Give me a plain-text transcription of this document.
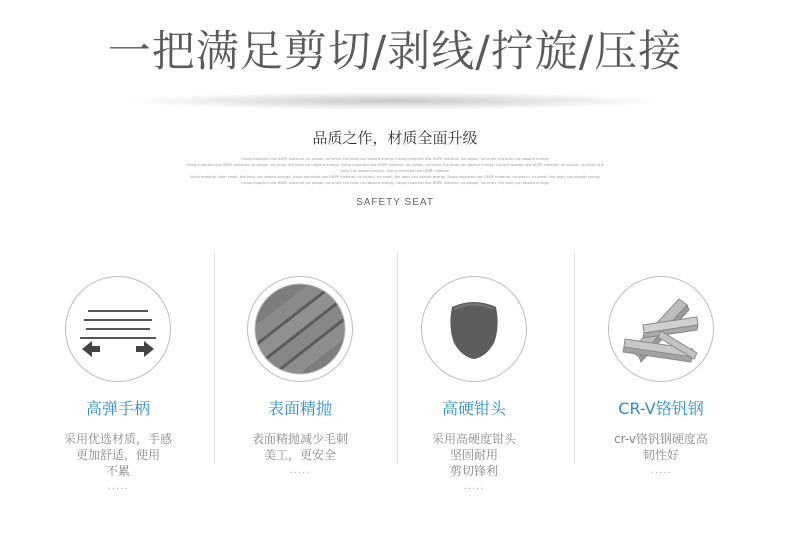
一把满足剪切/剥线/拧旋/压接
品质之作，材质全面升级
Using imported raw HDPE material, no poison, no smell, the body can absorb energy, Using imported raw HDPE material, no poison, no smell, the body can absorb energy
Using imported raw HDPE material, no poison, no smell, the body can absorb energy, Using imported raw HDPE material, no poison, no smell, the body can absorb energy, Using imported raw HDPE material, no poison, no smell, the body can absorb energy, Using imported raw HDPE material
Using material, form smell, the body can absorb energy, Using imported raw HDPE material, no poison, no smell, the body can absorb energy, Using imported raw HDPE material, no poison, no smell, the body can absorb energy
Using imported raw HDPE material, no poison, no smell, the body can absorb energy, Using imported raw HDPE material, no poison, no smell, the body can absorb energy
SAFETY SEAT
高弹手柄
采用优选材质，手感
更加舒适，使用
不累
.....
表面精抛
表面精抛减少毛刺
美工，更安全
.....
高硬钳头
采用高硬度钳头
坚固耐用
剪切锋利
.....
CR-V铬钒钢
cr-v铬钒钢硬度高
韧性好
.....
